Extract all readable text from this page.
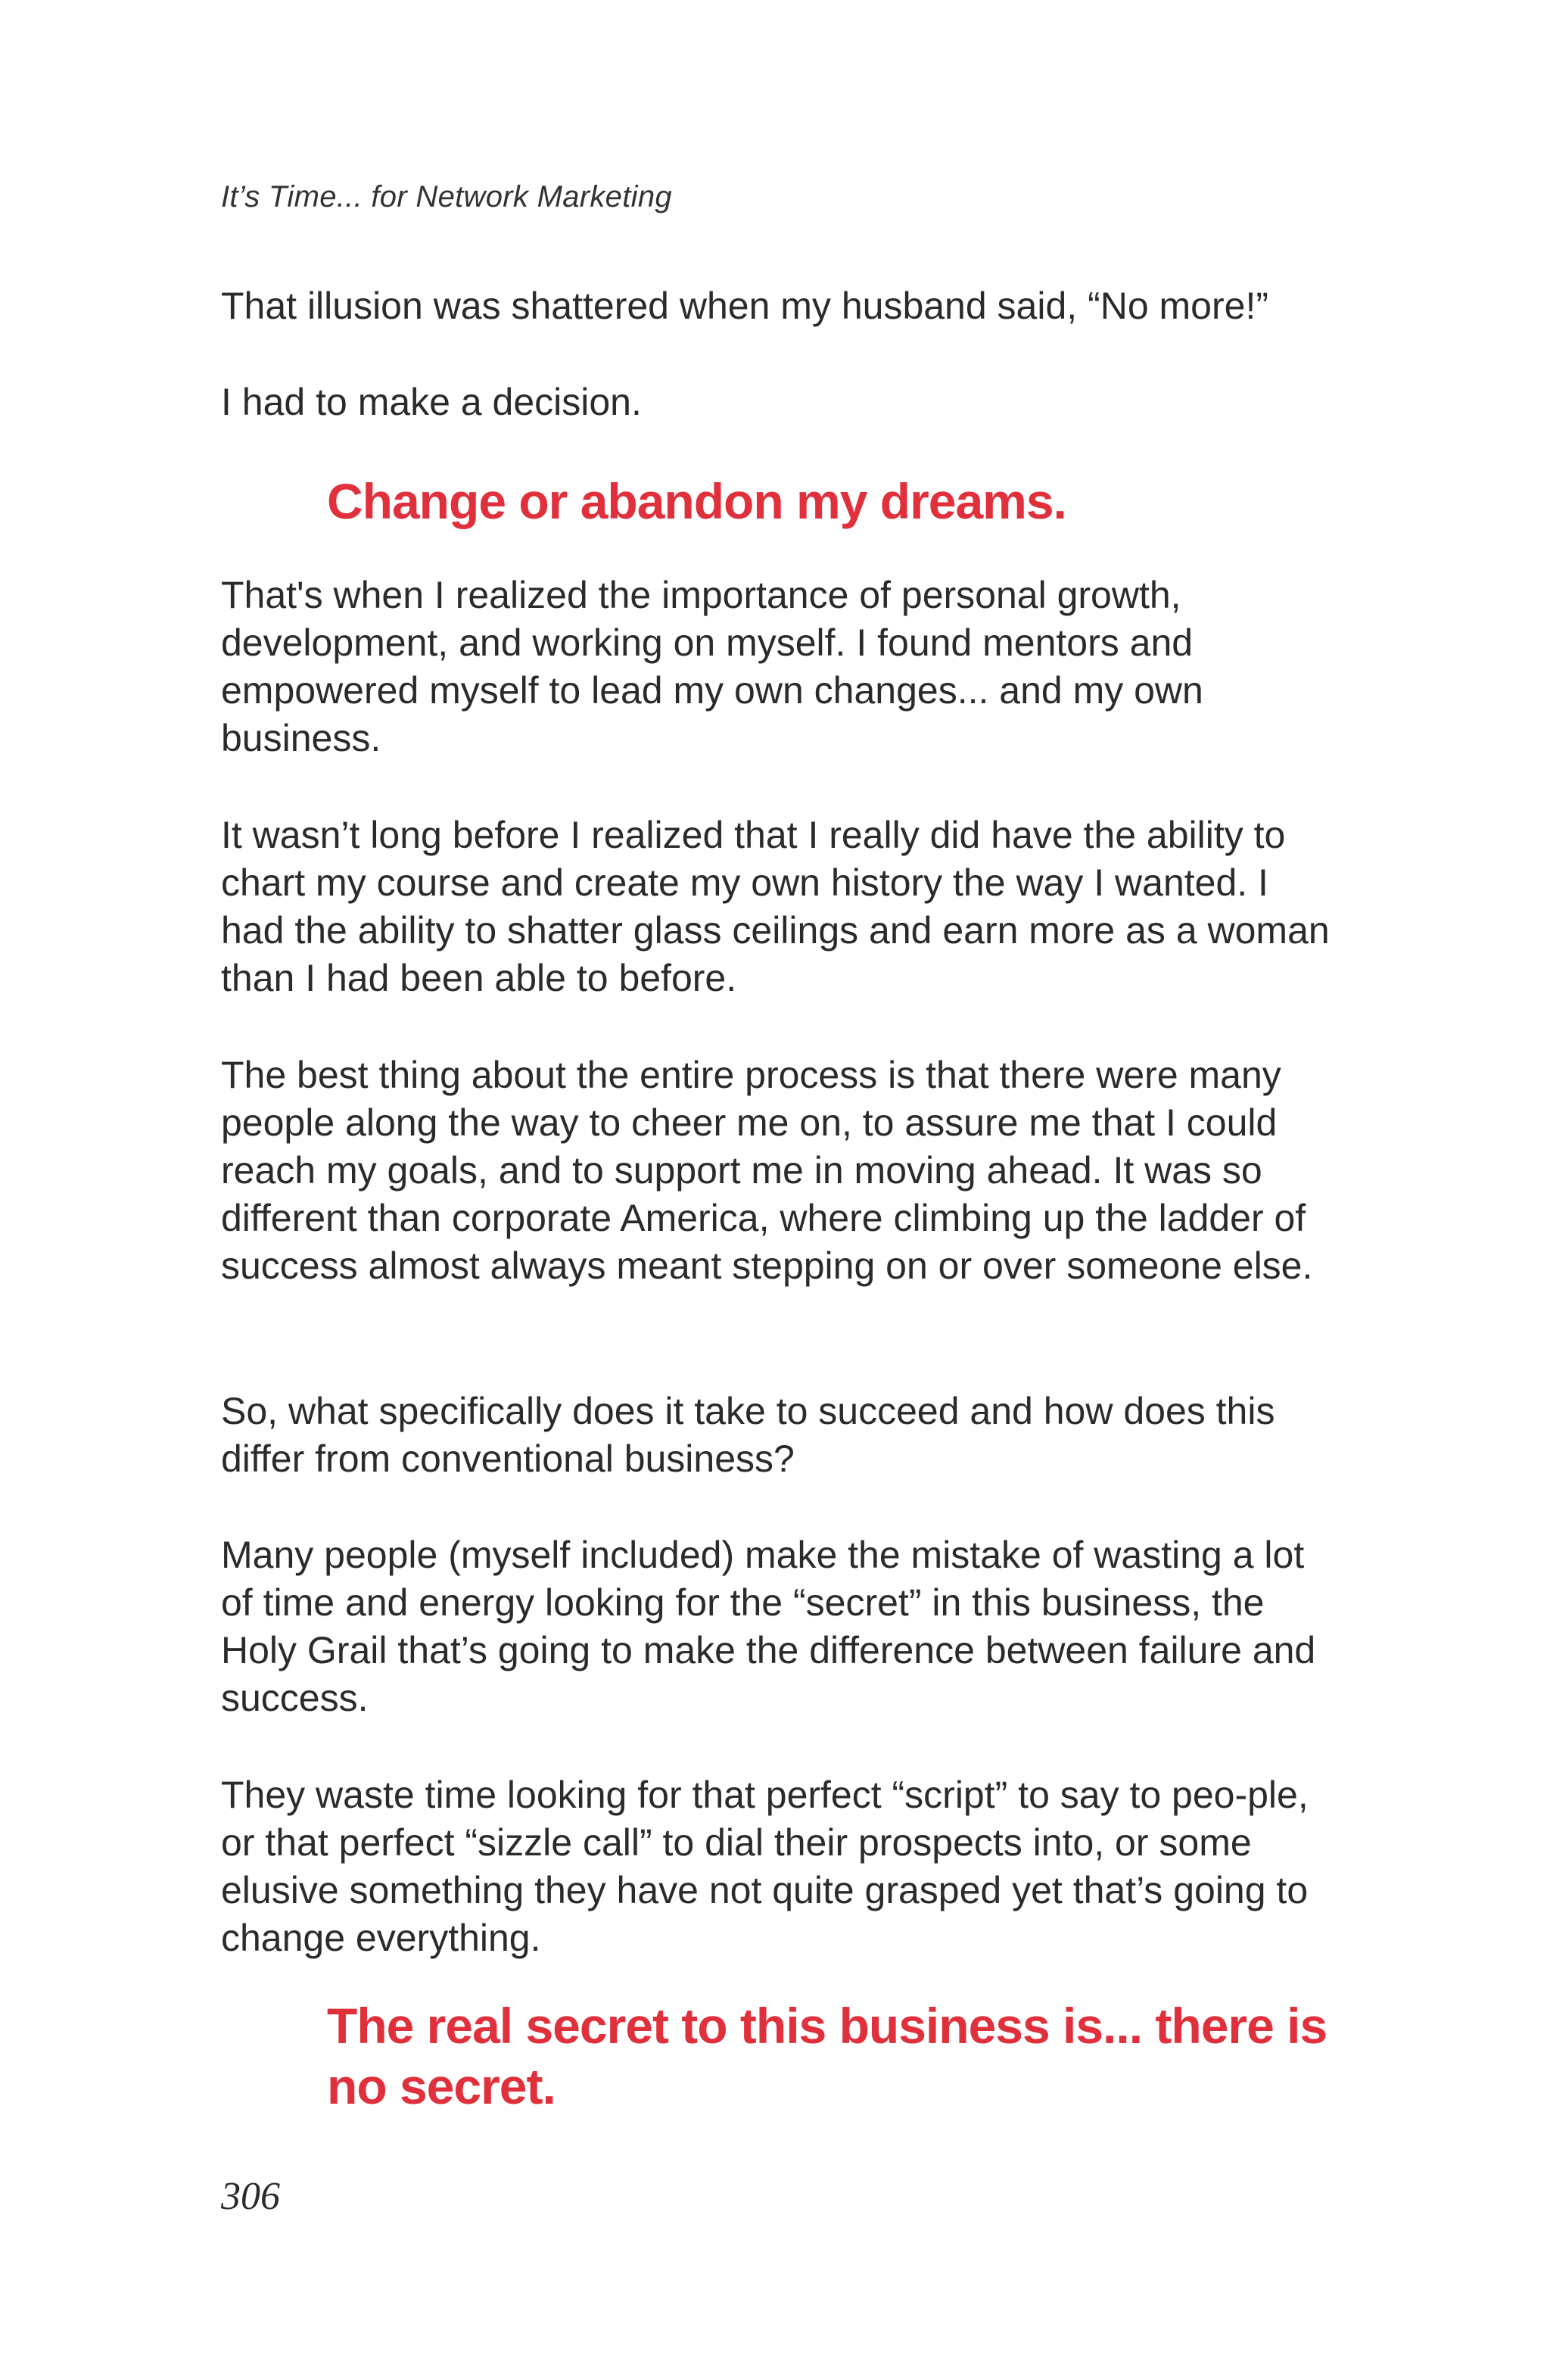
It’s Time... for Network Marketing

That illusion was shattered when my husband said, “No more!”

I had to make a decision.

Change or abandon my dreams.

That's when I realized the importance of personal growth, development, and working on myself. I found mentors and empowered myself to lead my own changes... and my own business.

It wasn’t long before I realized that I really did have the ability to chart my course and create my own history the way I wanted. I had the ability to shatter glass ceilings and earn more as a woman than I had been able to before.

The best thing about the entire process is that there were many people along the way to cheer me on, to assure me that I could reach my goals, and to support me in moving ahead. It was so different than corporate America, where climbing up the ladder of success almost always meant stepping on or over someone else.

So, what specifically does it take to succeed and how does this differ from conventional business?

Many people (myself included) make the mistake of wasting a lot of time and energy looking for the “secret” in this business, the Holy Grail that’s going to make the difference between failure and success.

They waste time looking for that perfect “script” to say to peo-ple, or that perfect “sizzle call” to dial their prospects into, or some elusive something they have not quite grasped yet that’s going to change everything.

The real secret to this business is... there is no secret.

306
